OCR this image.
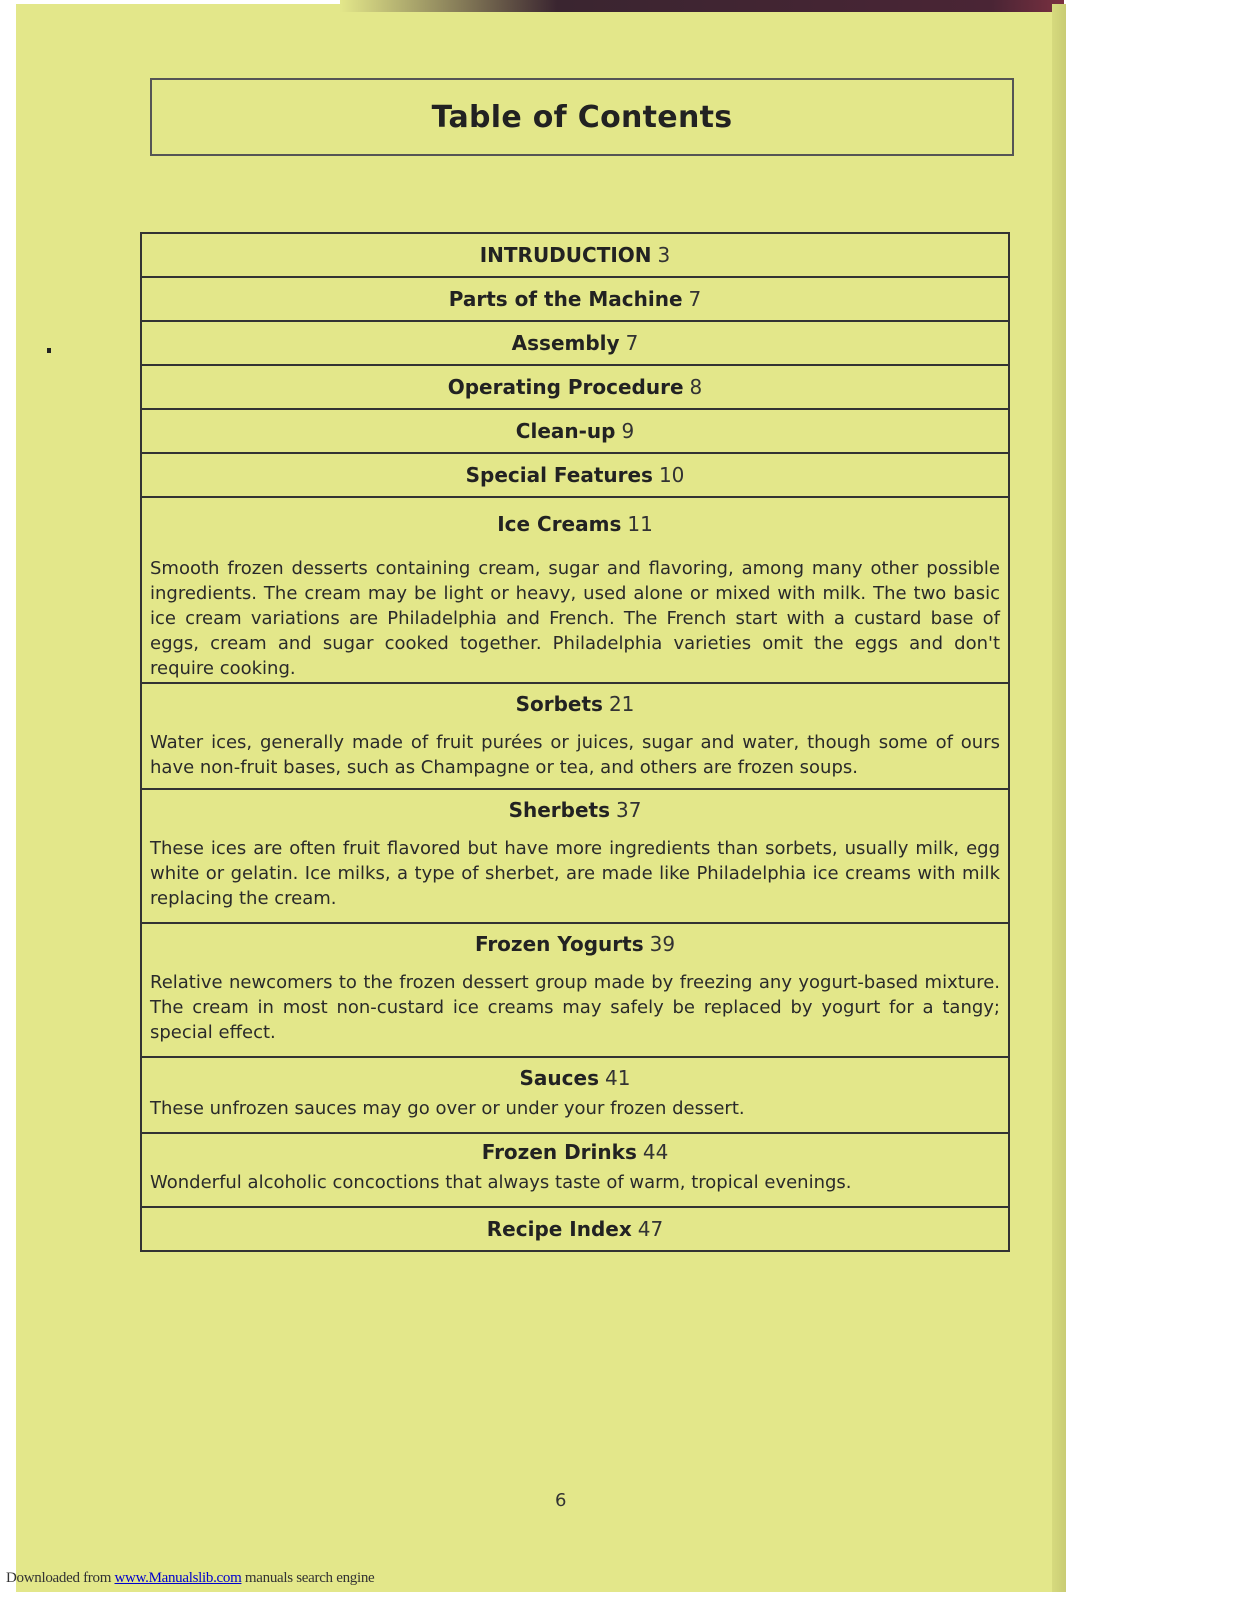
Table of Contents
INTRUDUCTION 3
Parts of the Machine 7
Assembly 7
Operating Procedure 8
Clean-up 9
Special Features 10
Ice Creams 11
Smooth frozen desserts containing cream, sugar and flavoring, among many other possible ingredients. The cream may be light or heavy, used alone or mixed with milk. The two basic ice cream variations are Philadelphia and French. The French start with a custard base of eggs, cream and sugar cooked together. Philadelphia varieties omit the eggs and don't require cooking.
Sorbets 21
Water ices, generally made of fruit purées or juices, sugar and water, though some of ours have non-fruit bases, such as Champagne or tea, and others are frozen soups.
Sherbets 37
These ices are often fruit flavored but have more ingredients than sorbets, usually milk, egg white or gelatin. Ice milks, a type of sherbet, are made like Philadelphia ice creams with milk replacing the cream.
Frozen Yogurts 39
Relative newcomers to the frozen dessert group made by freezing any yogurt-based mixture. The cream in most non-custard ice creams may safely be replaced by yogurt for a tangy; special effect.
Sauces 41
These unfrozen sauces may go over or under your frozen dessert.
Frozen Drinks 44
Wonderful alcoholic concoctions that always taste of warm, tropical evenings.
Recipe Index 47
6
Downloaded from www.Manualslib.com manuals search engine
